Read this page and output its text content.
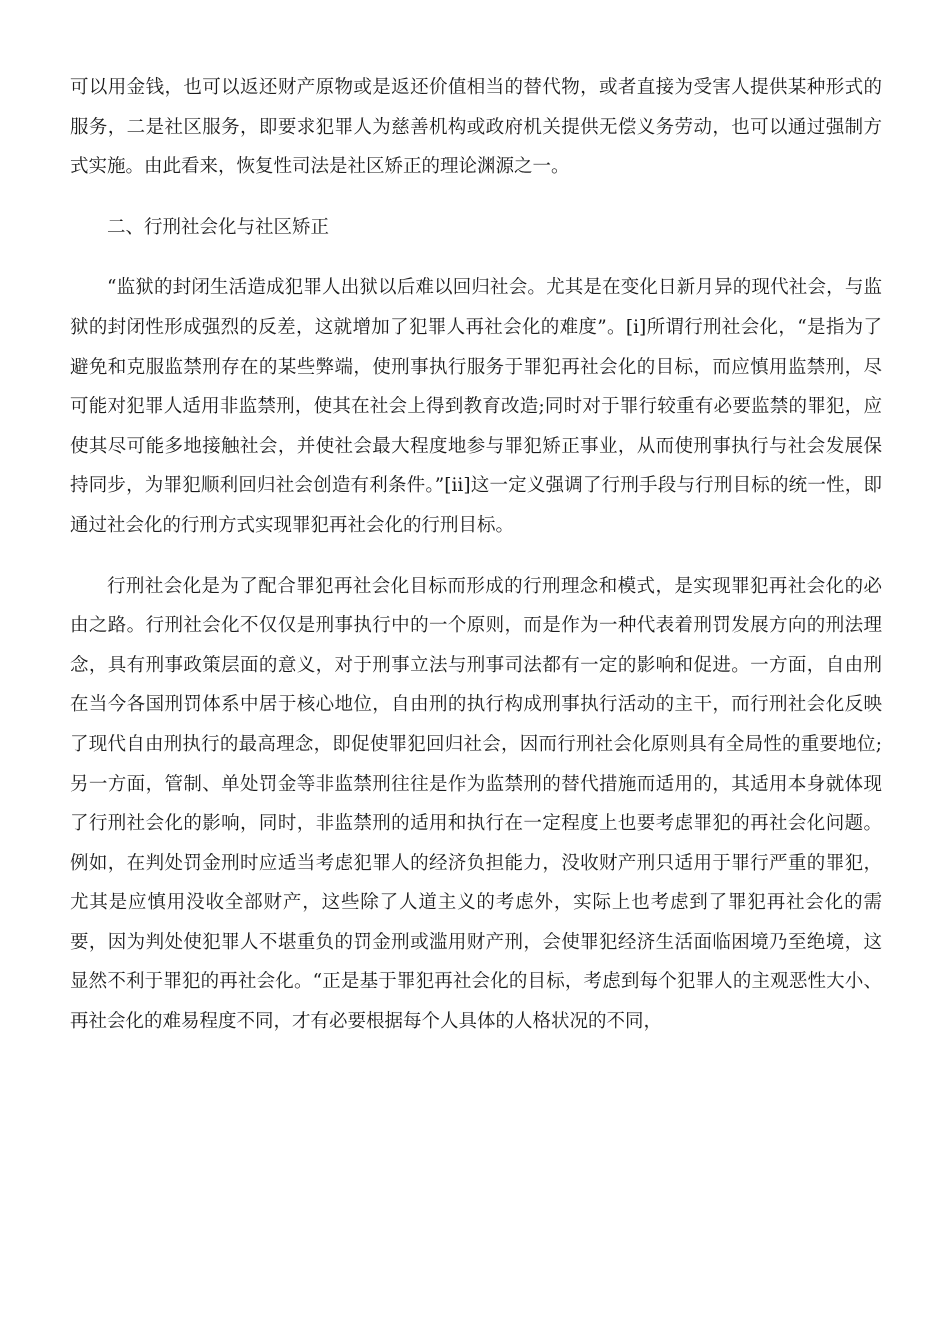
可以用金钱，也可以返还财产原物或是返还价值相当的替代物，或者直接为受害人提供某种形式的服务，二是社区服务，即要求犯罪人为慈善机构或政府机关提供无偿义务劳动，也可以通过强制方式实施。由此看来，恢复性司法是社区矫正的理论渊源之一。

二、行刑社会化与社区矫正

“监狱的封闭生活造成犯罪人出狱以后难以回归社会。尤其是在变化日新月异的现代社会，与监狱的封闭性形成强烈的反差，这就增加了犯罪人再社会化的难度”。[i]所谓行刑社会化，“是指为了避免和克服监禁刑存在的某些弊端，使刑事执行服务于罪犯再社会化的目标，而应慎用监禁刑，尽可能对犯罪人适用非监禁刑，使其在社会上得到教育改造;同时对于罪行较重有必要监禁的罪犯，应使其尽可能多地接触社会，并使社会最大程度地参与罪犯矫正事业，从而使刑事执行与社会发展保持同步，为罪犯顺利回归社会创造有利条件。”[ii]这一定义强调了行刑手段与行刑目标的统一性，即通过社会化的行刑方式实现罪犯再社会化的行刑目标。

行刑社会化是为了配合罪犯再社会化目标而形成的行刑理念和模式，是实现罪犯再社会化的必由之路。行刑社会化不仅仅是刑事执行中的一个原则，而是作为一种代表着刑罚发展方向的刑法理念，具有刑事政策层面的意义，对于刑事立法与刑事司法都有一定的影响和促进。一方面，自由刑在当今各国刑罚体系中居于核心地位，自由刑的执行构成刑事执行活动的主干，而行刑社会化反映了现代自由刑执行的最高理念，即促使罪犯回归社会，因而行刑社会化原则具有全局性的重要地位;另一方面，管制、单处罚金等非监禁刑往往是作为监禁刑的替代措施而适用的，其适用本身就体现了行刑社会化的影响，同时，非监禁刑的适用和执行在一定程度上也要考虑罪犯的再社会化问题。例如，在判处罚金刑时应适当考虑犯罪人的经济负担能力，没收财产刑只适用于罪行严重的罪犯，尤其是应慎用没收全部财产，这些除了人道主义的考虑外，实际上也考虑到了罪犯再社会化的需要，因为判处使犯罪人不堪重负的罚金刑或滥用财产刑，会使罪犯经济生活面临困境乃至绝境，这显然不利于罪犯的再社会化。“正是基于罪犯再社会化的目标，考虑到每个犯罪人的主观恶性大小、再社会化的难易程度不同，才有必要根据每个人具体的人格状况的不同，
